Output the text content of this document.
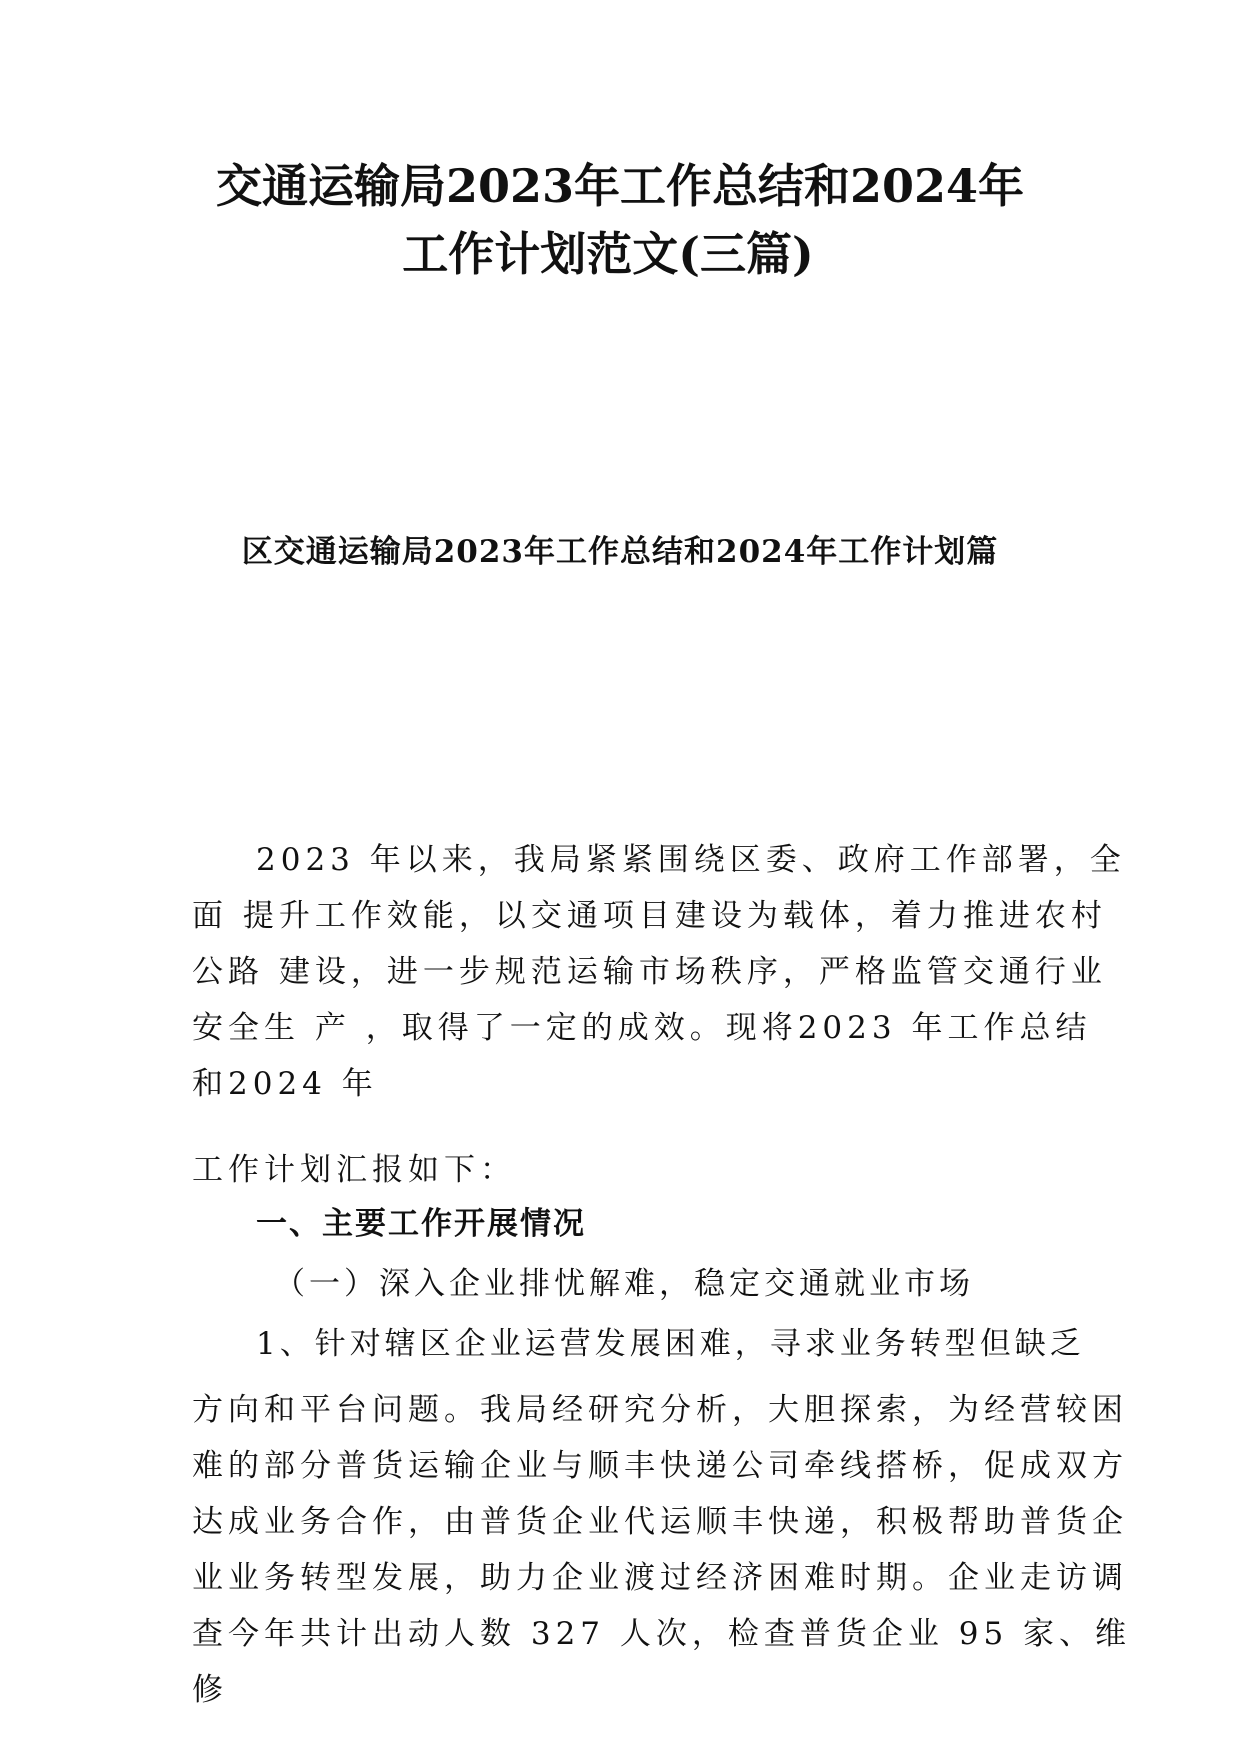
交通运输局2023年工作总结和2024年
工作计划范文(三篇)
区交通运输局2023年工作总结和2024年工作计划篇
2023 年以来，我局紧紧围绕区委、政府工作部署，全
面 提升工作效能，以交通项目建设为载体，着力推进农村
公路 建设，进一步规范运输市场秩序，严格监管交通行业
安全生 产 ，取得了一定的成效。现将2023 年工作总结
和2024 年
工作计划汇报如下：
一、主要工作开展情况
（一）深入企业排忧解难，稳定交通就业市场
1、针对辖区企业运营发展困难，寻求业务转型但缺乏
方向和平台问题。我局经研究分析，大胆探索，为经营较困
难的部分普货运输企业与顺丰快递公司牵线搭桥，促成双方
达成业务合作，由普货企业代运顺丰快递，积极帮助普货企
业业务转型发展，助力企业渡过经济困难时期。企业走访调
查今年共计出动人数 327 人次，检查普货企业 95 家、维
修
